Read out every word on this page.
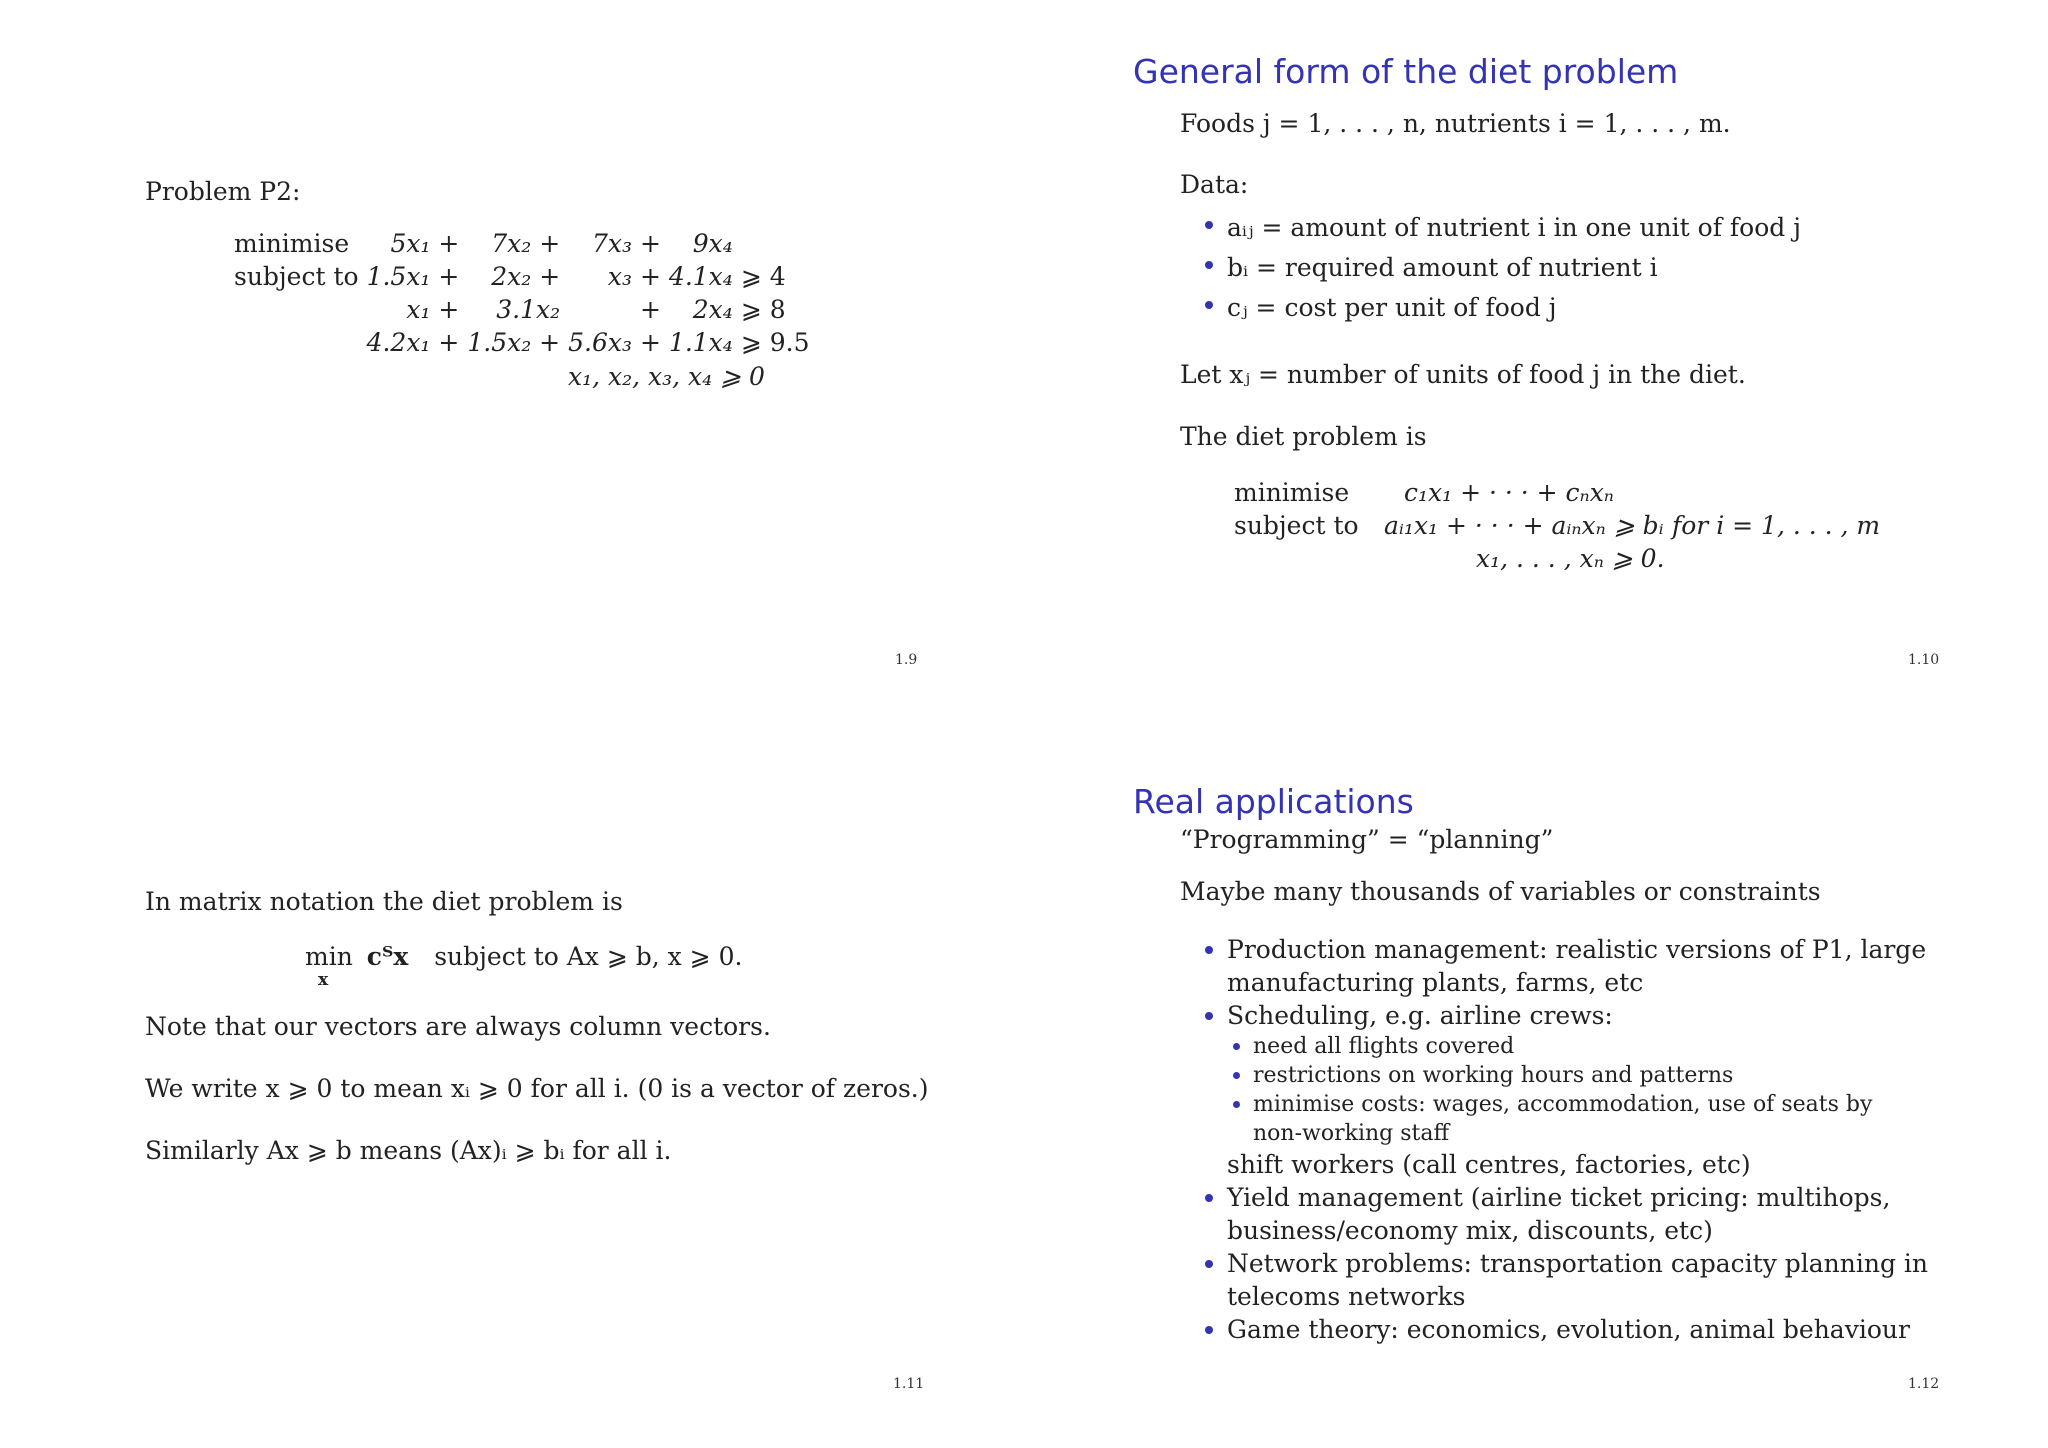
Problem P2:
minimise	5x₁ +	7x₂ +	7x₃ +	9x₄		
subject to	1.5x₁ +	2x₂ +	x₃ +	4.1x₄	⩾	4
	x₁ +	3.1x₂	+	2x₄	⩾	8
	4.2x₁ +	1.5x₂ +	5.6x₃ +	1.1x₄	⩾	9.5
x₁, x₂, x₃, x₄ ⩾ 0
1.9
General form of the diet problem
Foods j = 1, . . . , n, nutrients i = 1, . . . , m.
Data:
aᵢⱼ = amount of nutrient i in one unit of food j
bᵢ = required amount of nutrient i
cⱼ = cost per unit of food j
Let xⱼ = number of units of food j in the diet.
The diet problem is
minimise c₁x₁ + · · · + cₙxₙ
subject to aᵢ₁x₁ + · · · + aᵢₙxₙ ⩾ bᵢ for i = 1, . . . , m
x₁, . . . , xₙ ⩾ 0.
1.10
In matrix notation the diet problem is
min
x
cᵀx subject to Ax ⩾ b, x ⩾ 0.
Note that our vectors are always column vectors.
We write x ⩾ 0 to mean xᵢ ⩾ 0 for all i. (0 is a vector of zeros.)
Similarly Ax ⩾ b means (Ax)ᵢ ⩾ bᵢ for all i.
1.11
Real applications
“Programming” = “planning”
Maybe many thousands of variables or constraints
Production management: realistic versions of P1, large
manufacturing plants, farms, etc
Scheduling, e.g. airline crews:
need all flights covered
restrictions on working hours and patterns
minimise costs: wages, accommodation, use of seats by
non-working staff
shift workers (call centres, factories, etc)
Yield management (airline ticket pricing: multihops,
business/economy mix, discounts, etc)
Network problems: transportation capacity planning in
telecoms networks
Game theory: economics, evolution, animal behaviour
1.12
